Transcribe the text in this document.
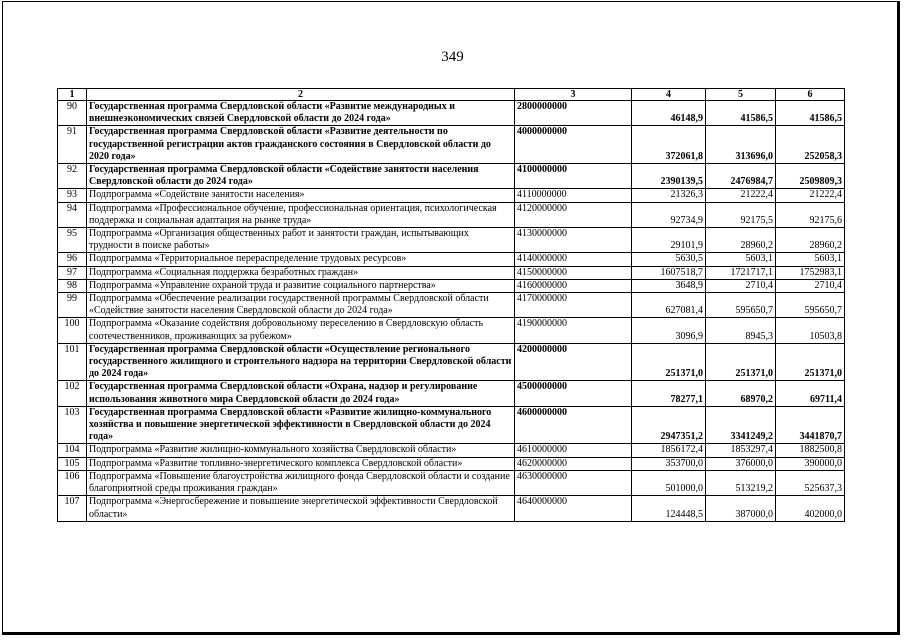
349
1	2	3	4	5	6
90	Государственная программа Свердловской области «Развитие международных и внешнеэкономических связей Свердловской области до 2024 года»	2800000000	46148,9	41586,5	41586,5
91	Государственная программа Свердловской области «Развитие деятельности по государственной регистрации актов гражданского состояния в Свердловской области до 2020 года»	4000000000	372061,8	313696,0	252058,3
92	Государственная программа Свердловской области «Содействие занятости населения Свердловской области до 2024 года»	4100000000	2390139,5	2476984,7	2509809,3
93	Подпрограмма «Содействие занятости населения»	4110000000	21326,3	21222,4	21222,4
94	Подпрограмма «Профессиональное обучение, профессиональная ориентация, психологическая поддержка и социальная адаптация на рынке труда»	4120000000	92734,9	92175,5	92175,6
95	Подпрограмма «Организация общественных работ и занятости граждан, испытывающих трудности в поиске работы»	4130000000	29101,9	28960,2	28960,2
96	Подпрограмма «Территориальное перераспределение трудовых ресурсов»	4140000000	5630,5	5603,1	5603,1
97	Подпрограмма «Социальная поддержка безработных граждан»	4150000000	1607518,7	1721717,1	1752983,1
98	Подпрограмма «Управление охраной труда и развитие социального партнерства»	4160000000	3648,9	2710,4	2710,4
99	Подпрограмма «Обеспечение реализации государственной программы Свердловской области «Содействие занятости населения Свердловской области до 2024 года»	4170000000	627081,4	595650,7	595650,7
100	Подпрограмма «Оказание содействия добровольному переселению в Свердловскую область соотечественников, проживающих за рубежом»	4190000000	3096,9	8945,3	10503,8
101	Государственная программа Свердловской области «Осуществление регионального государственного жилищного и строительного надзора на территории Свердловской области до 2024 года»	4200000000	251371,0	251371,0	251371,0
102	Государственная программа Свердловской области «Охрана, надзор и регулирование использования животного мира Свердловской области до 2024 года»	4500000000	78277,1	68970,2	69711,4
103	Государственная программа Свердловской области «Развитие жилищно-коммунального хозяйства и повышение энергетической эффективности в Свердловской области до 2024 года»	4600000000	2947351,2	3341249,2	3441870,7
104	Подпрограмма «Развитие жилищно-коммунального хозяйства Свердловской области»	4610000000	1856172,4	1853297,4	1882500,8
105	Подпрограмма «Развитие топливно-энергетического комплекса Свердловской области»	4620000000	353700,0	376000,0	390000,0
106	Подпрограмма «Повышение благоустройства жилищного фонда Свердловской области и создание благоприятной среды проживания граждан»	4630000000	501000,0	513219,2	525637,3
107	Подпрограмма «Энергосбережение и повышение энергетической эффективности Свердловской области»	4640000000	124448,5	387000,0	402000,0
